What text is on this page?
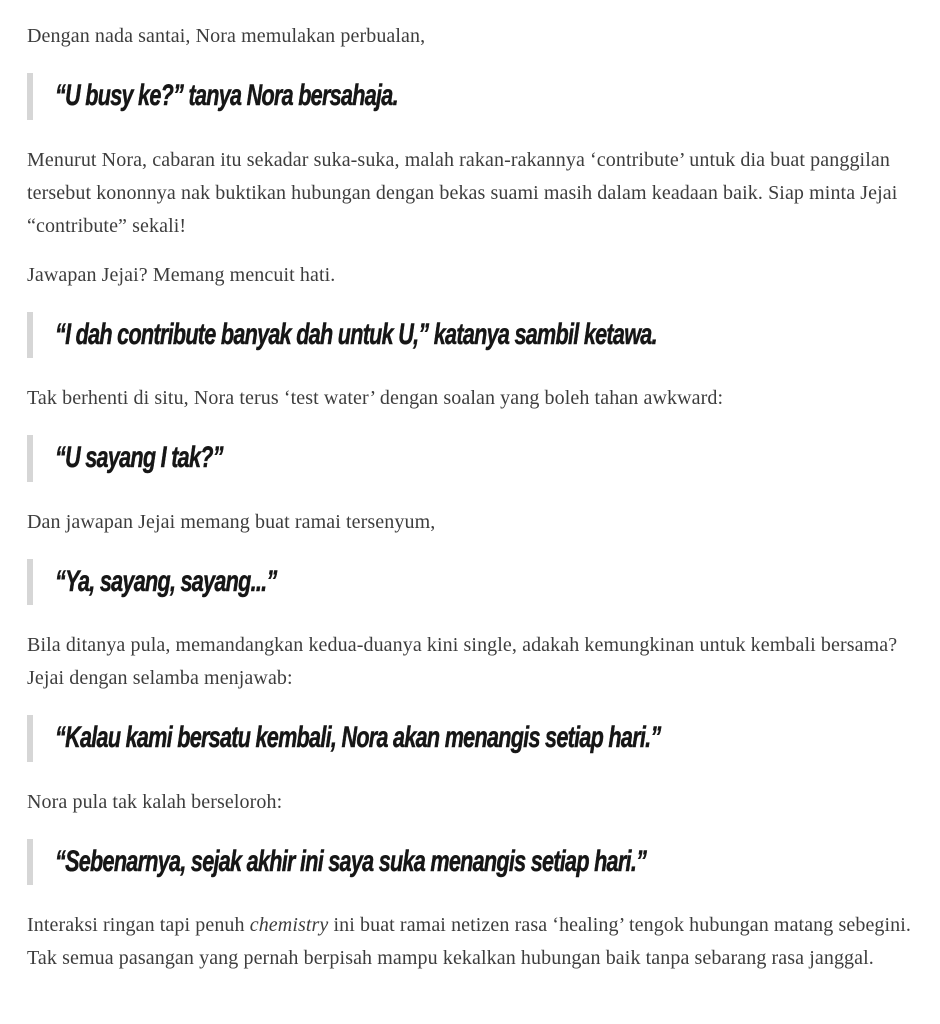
Dengan nada santai, Nora memulakan perbualan,

“U busy ke?” tanya Nora bersahaja.

Menurut Nora, cabaran itu sekadar suka-suka, malah rakan-rakannya ‘contribute’ untuk dia buat panggilan tersebut kononnya nak buktikan hubungan dengan bekas suami masih dalam keadaan baik. Siap minta Jejai “contribute” sekali!

Jawapan Jejai? Memang mencuit hati.

“I dah contribute banyak dah untuk U,” katanya sambil ketawa.

Tak berhenti di situ, Nora terus ‘test water’ dengan soalan yang boleh tahan awkward:

“U sayang I tak?”

Dan jawapan Jejai memang buat ramai tersenyum,

“Ya, sayang, sayang...”

Bila ditanya pula, memandangkan kedua-duanya kini single, adakah kemungkinan untuk kembali bersama? Jejai dengan selamba menjawab:

“Kalau kami bersatu kembali, Nora akan menangis setiap hari.”

Nora pula tak kalah berseloroh:

“Sebenarnya, sejak akhir ini saya suka menangis setiap hari.”

Interaksi ringan tapi penuh chemistry ini buat ramai netizen rasa ‘healing’ tengok hubungan matang sebegini. Tak semua pasangan yang pernah berpisah mampu kekalkan hubungan baik tanpa sebarang rasa janggal.
